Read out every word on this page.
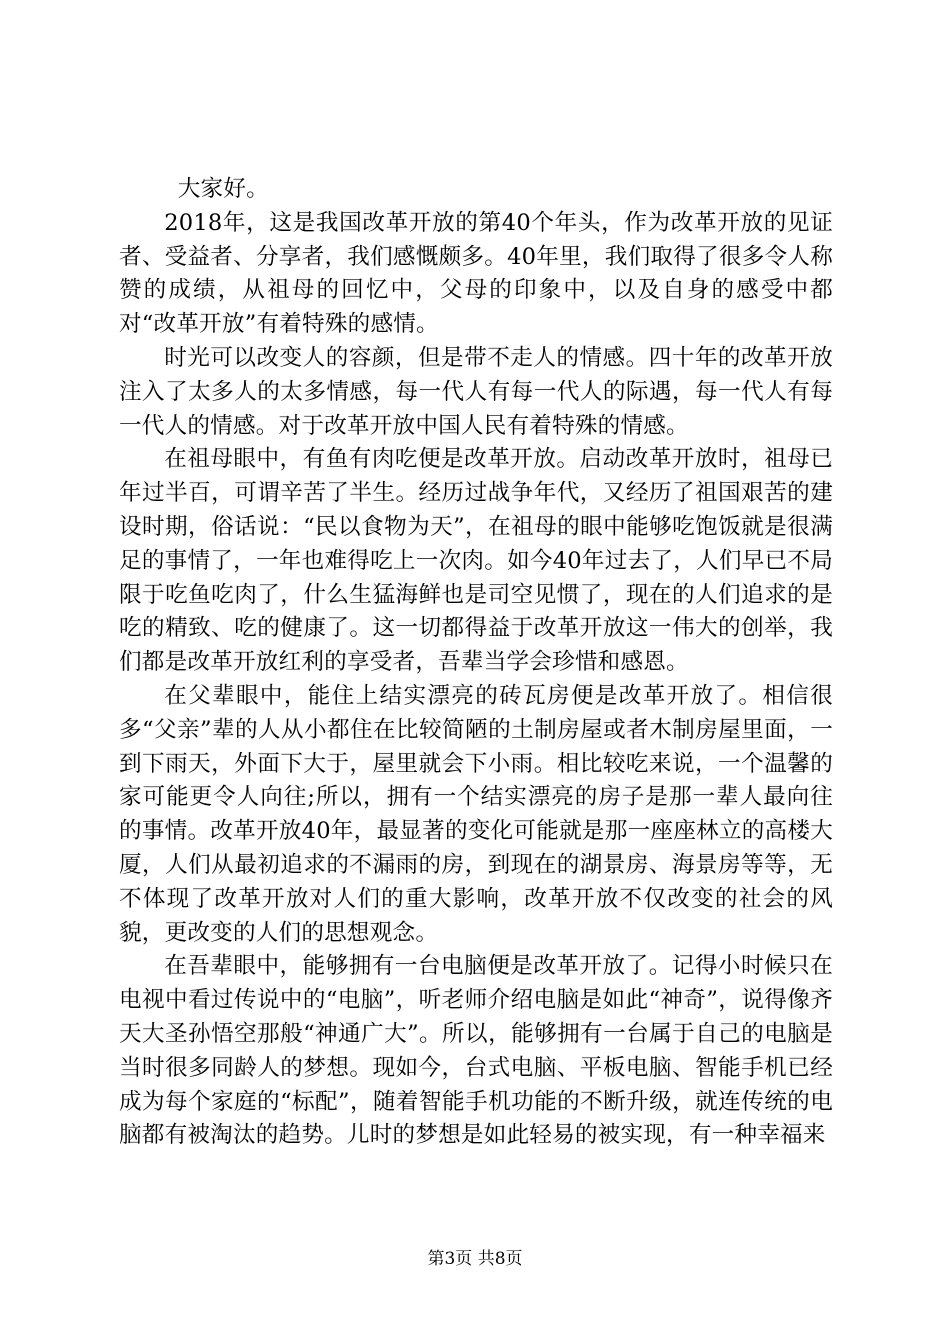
大家好。

2018年，这是我国改革开放的第40个年头，作为改革开放的见证者、受益者、分享者，我们感慨颇多。40年里，我们取得了很多令人称赞的成绩，从祖母的回忆中，父母的印象中，以及自身的感受中都对“改革开放”有着特殊的感情。

时光可以改变人的容颜，但是带不走人的情感。四十年的改革开放注入了太多人的太多情感，每一代人有每一代人的际遇，每一代人有每一代人的情感。对于改革开放中国人民有着特殊的情感。

在祖母眼中，有鱼有肉吃便是改革开放。启动改革开放时，祖母已年过半百，可谓辛苦了半生。经历过战争年代，又经历了祖国艰苦的建设时期，俗话说：“民以食物为天”，在祖母的眼中能够吃饱饭就是很满足的事情了，一年也难得吃上一次肉。如今40年过去了，人们早已不局限于吃鱼吃肉了，什么生猛海鲜也是司空见惯了，现在的人们追求的是吃的精致、吃的健康了。这一切都得益于改革开放这一伟大的创举，我们都是改革开放红利的享受者，吾辈当学会珍惜和感恩。

在父辈眼中，能住上结实漂亮的砖瓦房便是改革开放了。相信很多“父亲”辈的人从小都住在比较简陋的土制房屋或者木制房屋里面，一到下雨天，外面下大于，屋里就会下小雨。相比较吃来说，一个温馨的家可能更令人向往;所以，拥有一个结实漂亮的房子是那一辈人最向往的事情。改革开放40年，最显著的变化可能就是那一座座林立的高楼大厦，人们从最初追求的不漏雨的房，到现在的湖景房、海景房等等，无不体现了改革开放对人们的重大影响，改革开放不仅改变的社会的风貌，更改变的人们的思想观念。

在吾辈眼中，能够拥有一台电脑便是改革开放了。记得小时候只在电视中看过传说中的“电脑”，听老师介绍电脑是如此“神奇”，说得像齐天大圣孙悟空那般“神通广大”。所以，能够拥有一台属于自己的电脑是当时很多同龄人的梦想。现如今，台式电脑、平板电脑、智能手机已经成为每个家庭的“标配”，随着智能手机功能的不断升级，就连传统的电脑都有被淘汰的趋势。儿时的梦想是如此轻易的被实现，有一种幸福来

第3页 共8页
